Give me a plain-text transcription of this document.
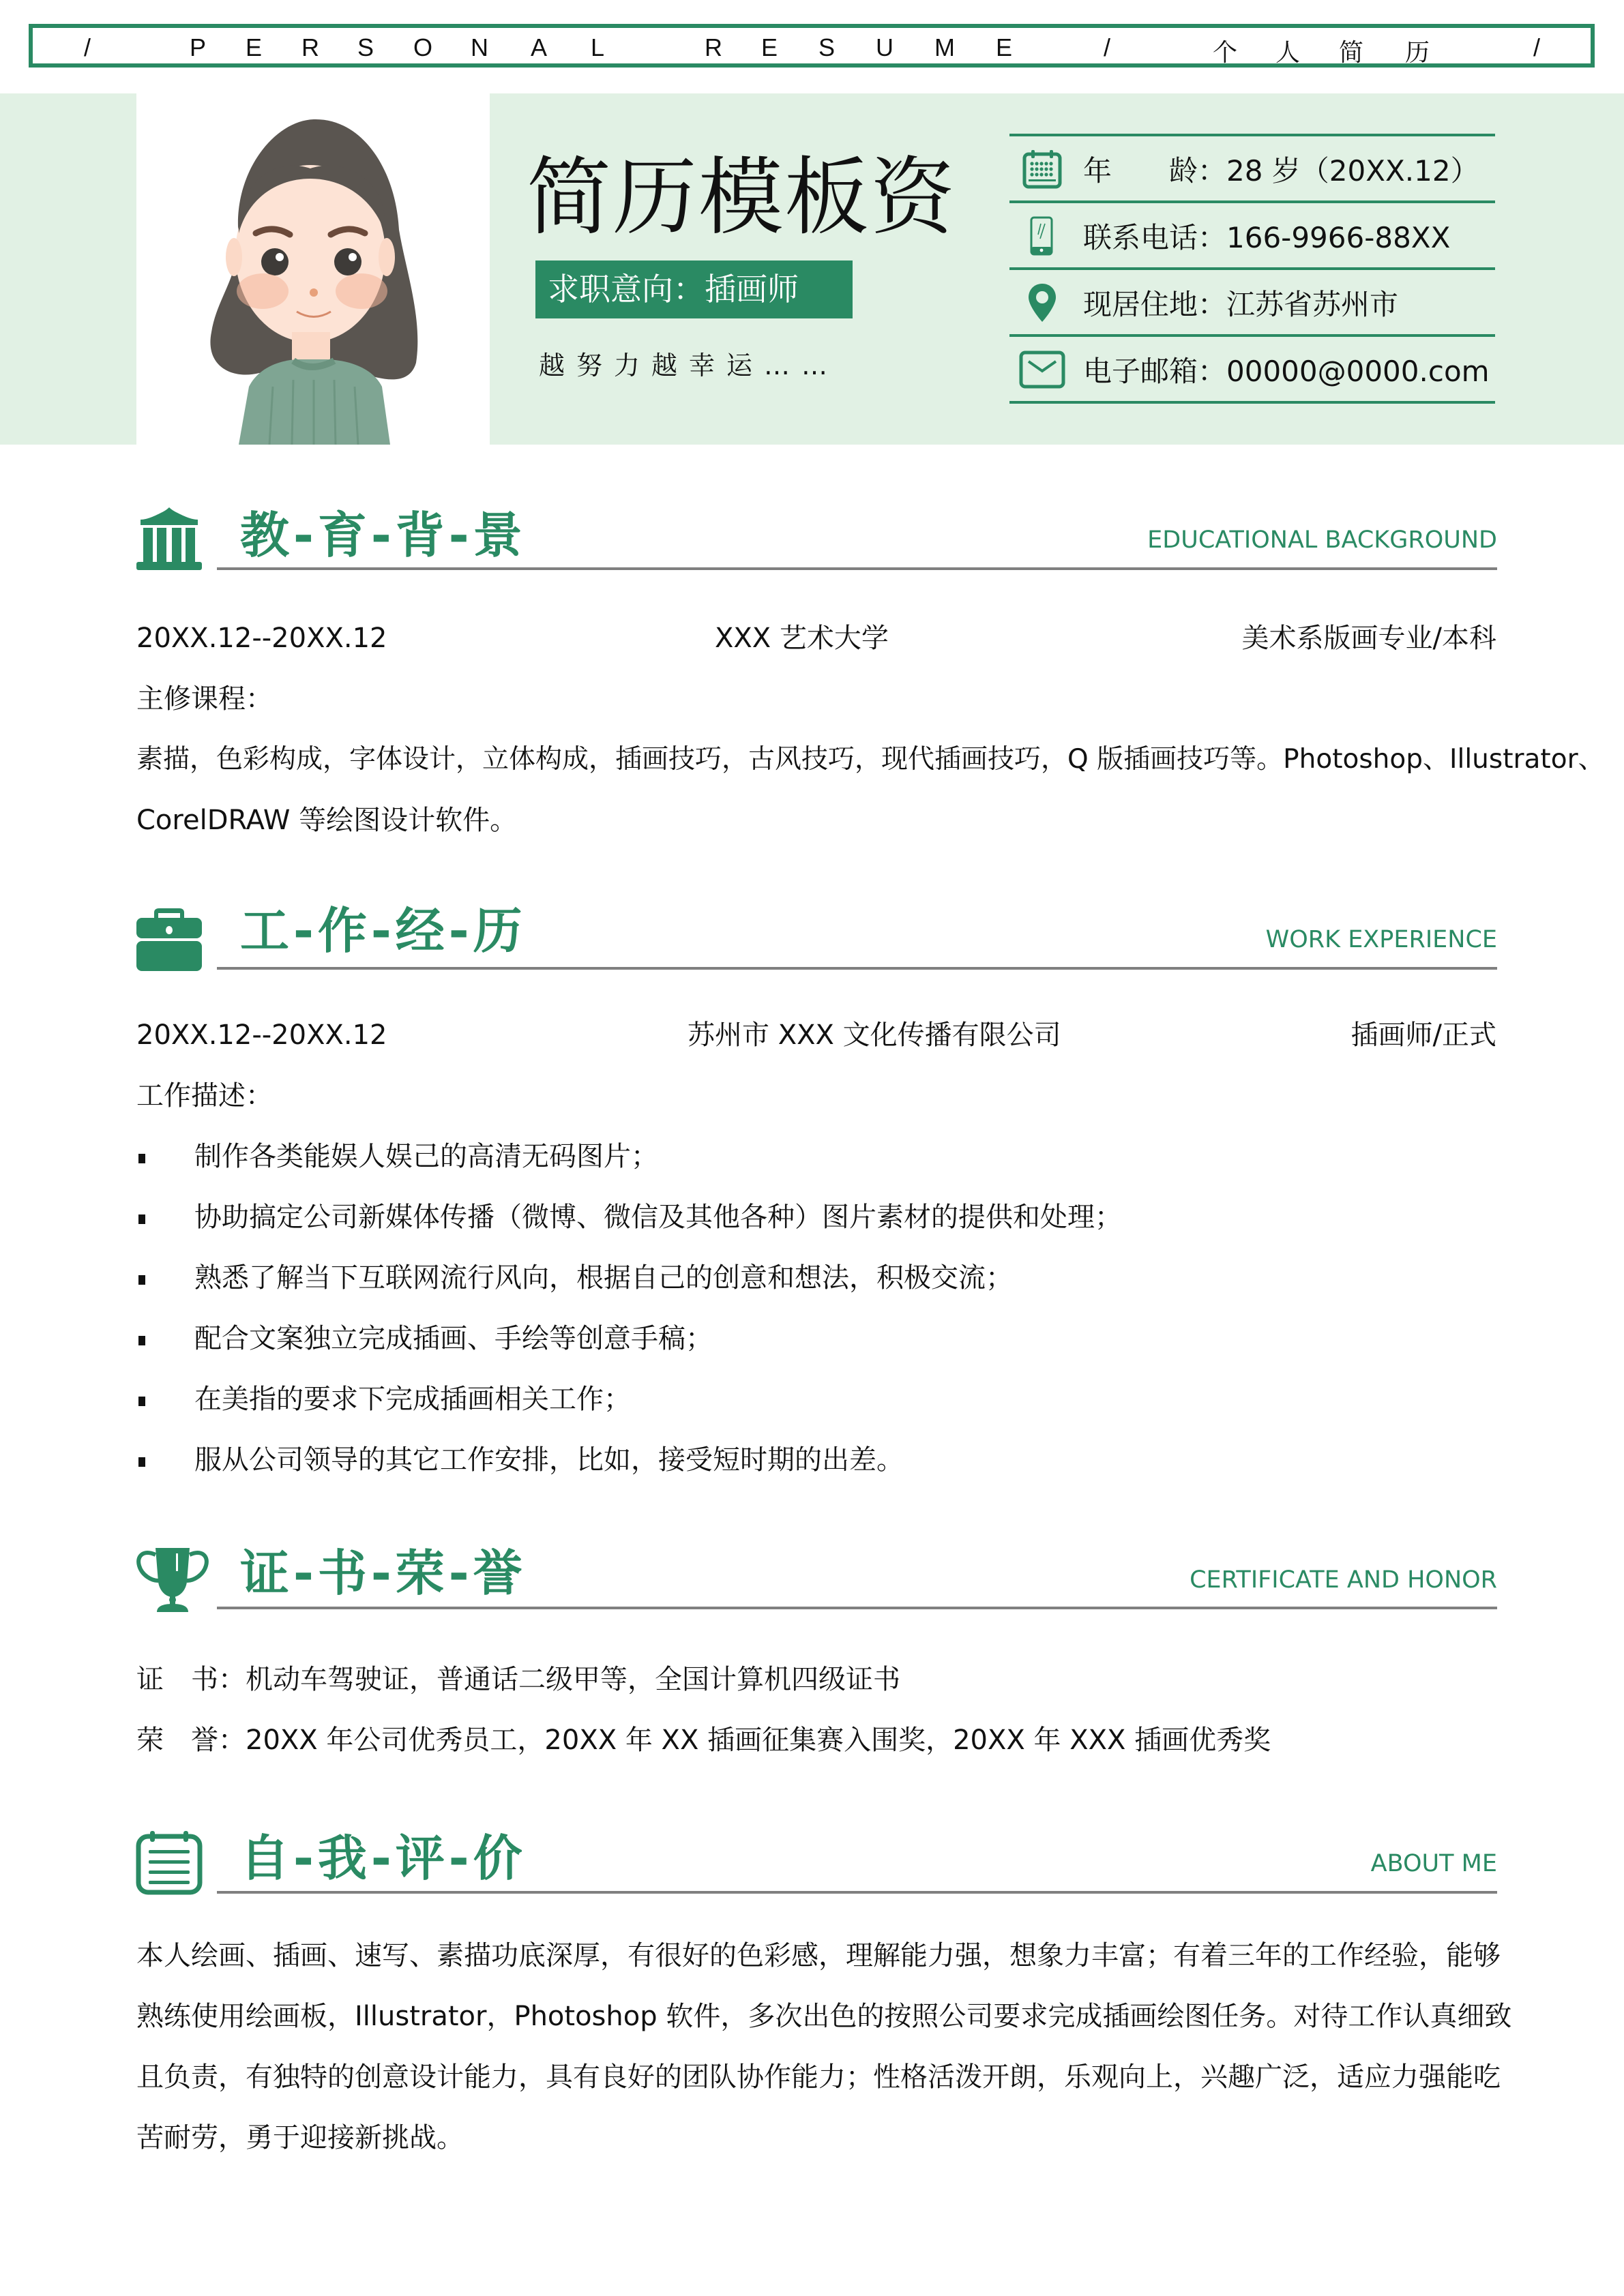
/	P E R S O N A L	R E S U M E	/	个 人 简 历	/
简历模板资
求职意向：插画师
越努力越幸运……
年　　龄：28 岁（20XX.12）
联系电话：166-9966-88XX
现居住地：江苏省苏州市
电子邮箱：00000@0000.com
教-育-背-景	EDUCATIONAL BACKGROUND
20XX.12--20XX.12	XXX 艺术大学	美术系版画专业/本科
主修课程：
素描，色彩构成，字体设计，立体构成，插画技巧，古风技巧，现代插画技巧，Q 版插画技巧等。Photoshop、Illustrator、
CorelDRAW 等绘图设计软件。
工-作-经-历	WORK EXPERIENCE
20XX.12--20XX.12	苏州市 XXX 文化传播有限公司	插画师/正式
工作描述：
制作各类能娱人娱己的高清无码图片；
协助搞定公司新媒体传播（微博、微信及其他各种）图片素材的提供和处理；
熟悉了解当下互联网流行风向，根据自己的创意和想法，积极交流；
配合文案独立完成插画、手绘等创意手稿；
在美指的要求下完成插画相关工作；
服从公司领导的其它工作安排，比如，接受短时期的出差。
证-书-荣-誉	CERTIFICATE AND HONOR
证　书：机动车驾驶证，普通话二级甲等，全国计算机四级证书
荣　誉：20XX 年公司优秀员工，20XX 年 XX 插画征集赛入围奖，20XX 年 XXX 插画优秀奖
自-我-评-价	ABOUT ME
本人绘画、插画、速写、素描功底深厚，有很好的色彩感，理解能力强，想象力丰富；有着三年的工作经验，能够
熟练使用绘画板，Illustrator，Photoshop 软件，多次出色的按照公司要求完成插画绘图任务。对待工作认真细致
且负责，有独特的创意设计能力，具有良好的团队协作能力；性格活泼开朗，乐观向上，兴趣广泛，适应力强能吃
苦耐劳，勇于迎接新挑战。
